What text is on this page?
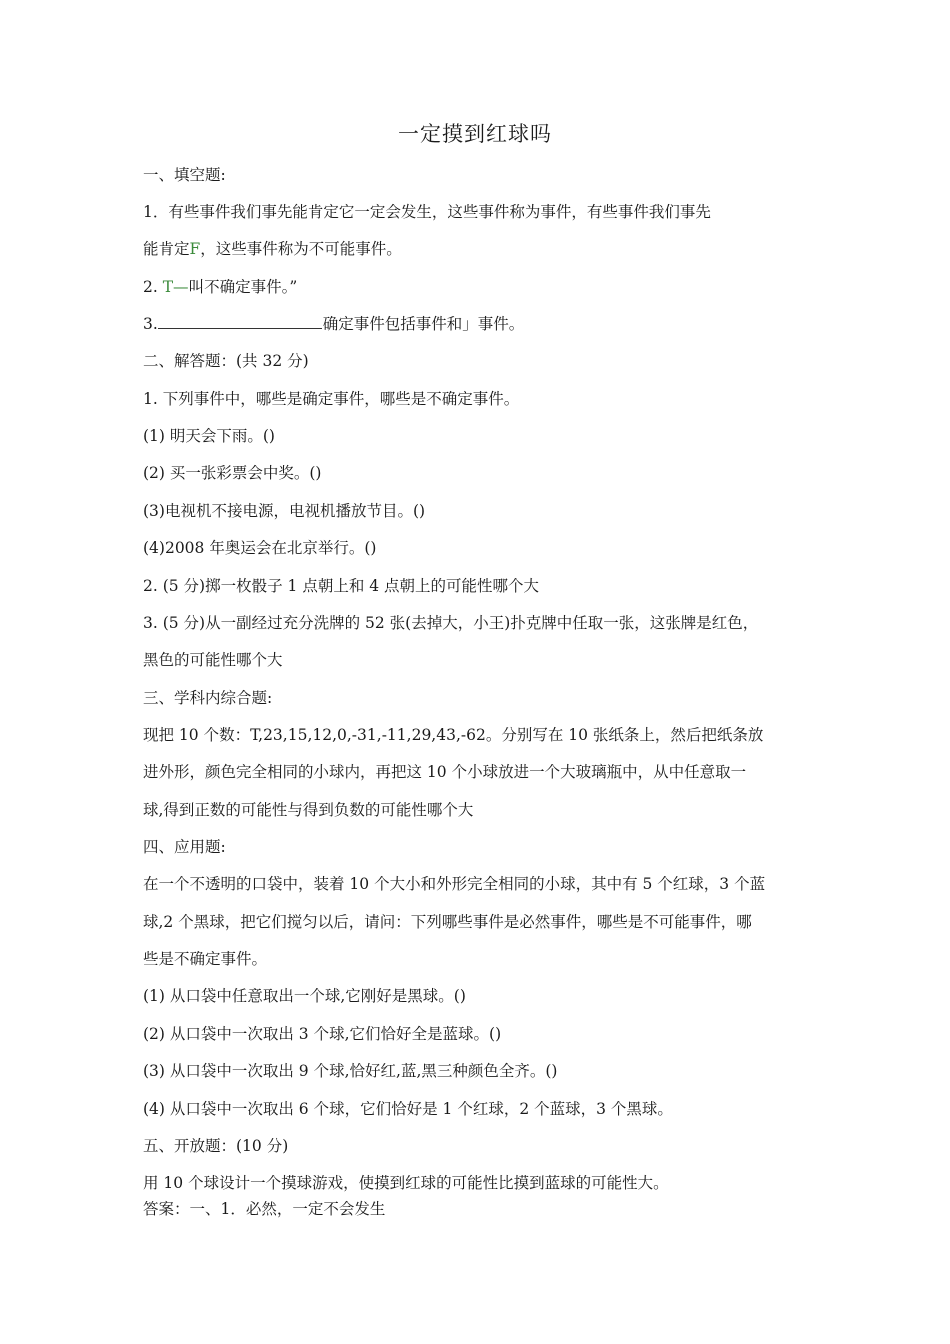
一定摸到红球吗
一、填空题:
1．有些事件我们事先能肯定它一定会发生，这些事件称为事件，有些事件我们事先
能肯定F，这些事件称为不可能事件。
2. T—叫不确定事件。”
3.	确定事件包括事件和」事件。
二、解答题：(共 32 分)
1. 下列事件中，哪些是确定事件，哪些是不确定事件。
(1) 明天会下雨。()
(2) 买一张彩票会中奖。()
(3)电视机不接电源，电视机播放节目。()
(4)2008 年奥运会在北京举行。()
2. (5 分)掷一枚骰子 1 点朝上和 4 点朝上的可能性哪个大
3. (5 分)从一副经过充分洗牌的 52 张(去掉大，小王)扑克牌中任取一张，这张牌是红色，
黑色的可能性哪个大
三、学科内综合题:
现把 10 个数：T,23,15,12,0,-31,-11,29,43,-62。分别写在 10 张纸条上，然后把纸条放
进外形，颜色完全相同的小球内，再把这 10 个小球放进一个大玻璃瓶中，从中任意取一
球,得到正数的可能性与得到负数的可能性哪个大
四、应用题:
在一个不透明的口袋中，装着 10 个大小和外形完全相同的小球，其中有 5 个红球，3 个蓝
球,2 个黑球，把它们搅匀以后，请问：下列哪些事件是必然事件，哪些是不可能事件，哪
些是不确定事件。
(1) 从口袋中任意取出一个球,它刚好是黑球。()
(2) 从口袋中一次取出 3 个球,它们恰好全是蓝球。()
(3) 从口袋中一次取出 9 个球,恰好红,蓝,黑三种颜色全齐。()
(4) 从口袋中一次取出 6 个球，它们恰好是 1 个红球，2 个蓝球，3 个黑球。
五、开放题：(10 分)
用 10 个球设计一个摸球游戏，使摸到红球的可能性比摸到蓝球的可能性大。
答案：一、1．必然，一定不会发生
